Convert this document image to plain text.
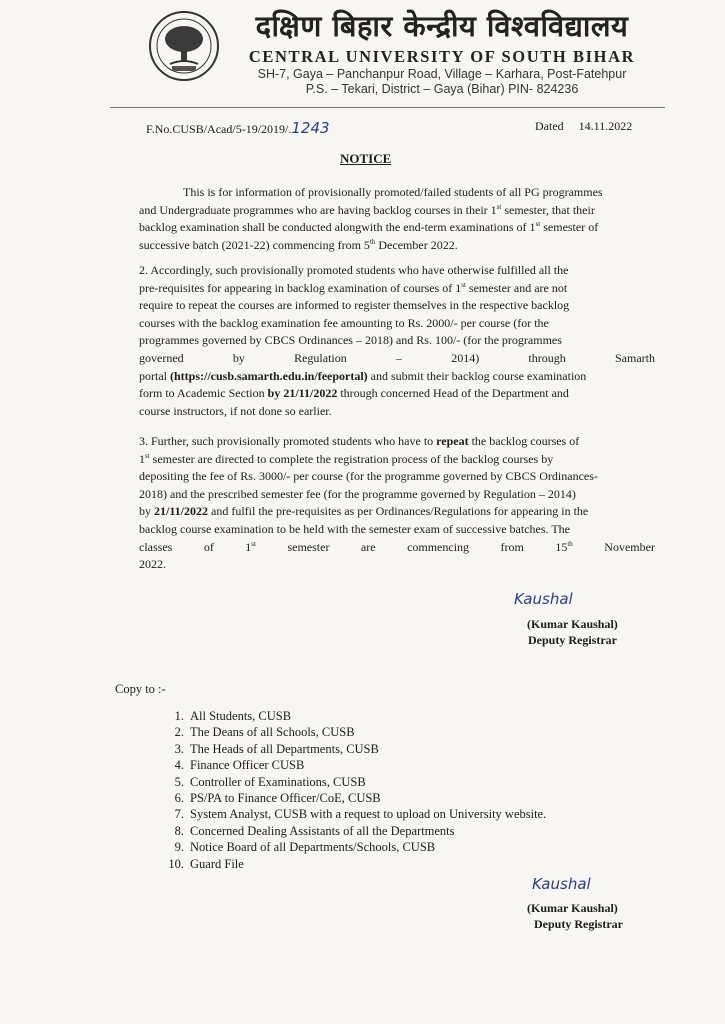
दक्षिण बिहार केन्द्रीय विश्वविद्यालय
CENTRAL UNIVERSITY OF SOUTH BIHAR
SH-7, Gaya – Panchanpur Road, Village – Karhara, Post-Fatehpur
P.S. – Tekari, District – Gaya (Bihar) PIN- 824236
F.No.CUSB/Acad/5-19/2019/.1243	Dated 14.11.2022
NOTICE
This is for information of provisionally promoted/failed students of all PG programmes
and Undergraduate programmes who are having backlog courses in their 1st semester, that their
backlog examination shall be conducted alongwith the end-term examinations of 1st semester of
successive batch (2021-22) commencing from 5th December 2022.
2. Accordingly, such provisionally promoted students who have otherwise fulfilled all the
pre-requisites for appearing in backlog examination of courses of 1st semester and are not
require to repeat the courses are informed to register themselves in the respective backlog
courses with the backlog examination fee amounting to Rs. 2000/- per course (for the
programmes governed by CBCS Ordinances – 2018) and Rs. 100/- (for the programmes
governed	by	Regulation	–	2014)	through	Samarth
portal (https://cusb.samarth.edu.in/feeportal) and submit their backlog course examination
form to Academic Section by 21/11/2022 through concerned Head of the Department and
course instructors, if not done so earlier.
3. Further, such provisionally promoted students who have to repeat the backlog courses of
1st semester are directed to complete the registration process of the backlog courses by
depositing the fee of Rs. 3000/- per course (for the programme governed by CBCS Ordinances-
2018) and the prescribed semester fee (for the programme governed by Regulation – 2014)
by 21/11/2022 and fulfil the pre-requisites as per Ordinances/Regulations for appearing in the
backlog course examination to be held with the semester exam of successive batches. The
classes	of	1st	semester	are	commencing	from	15th	November
2022.
Kaushal
(Kumar Kaushal)
Deputy Registrar
Copy to :-
1. All Students, CUSB
2. The Deans of all Schools, CUSB
3. The Heads of all Departments, CUSB
4. Finance Officer CUSB
5. Controller of Examinations, CUSB
6. PS/PA to Finance Officer/CoE, CUSB
7. System Analyst, CUSB with a request to upload on University website.
8. Concerned Dealing Assistants of all the Departments
9. Notice Board of all Departments/Schools, CUSB
10. Guard File
Kaushal
(Kumar Kaushal)
Deputy Registrar
